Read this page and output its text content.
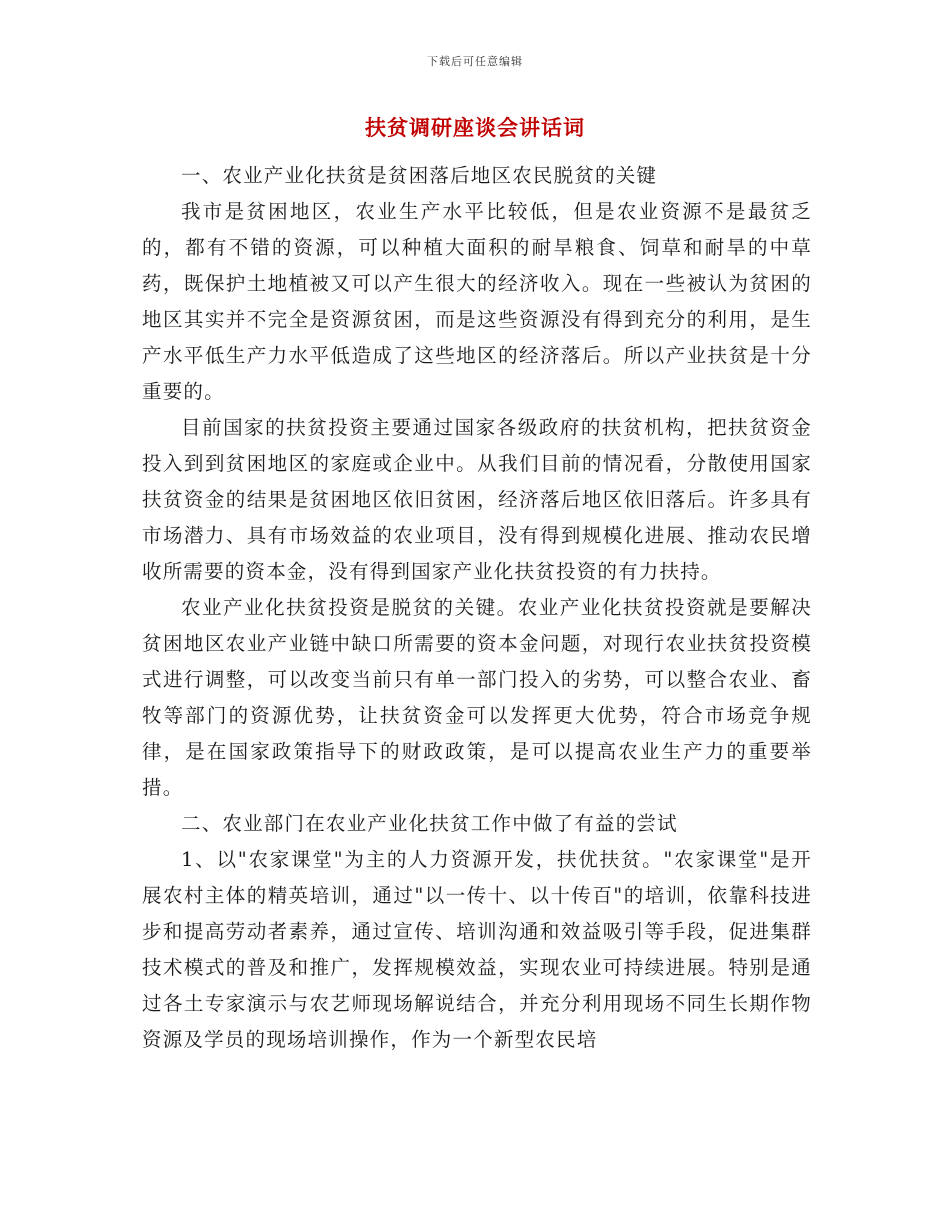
下载后可任意编辑
扶贫调研座谈会讲话词

一、农业产业化扶贫是贫困落后地区农民脱贫的关键

我市是贫困地区，农业生产水平比较低，但是农业资源不是最贫乏的，都有不错的资源，可以种植大面积的耐旱粮食、饲草和耐旱的中草药，既保护土地植被又可以产生很大的经济收入。现在一些被认为贫困的地区其实并不完全是资源贫困，而是这些资源没有得到充分的利用，是生产水平低生产力水平低造成了这些地区的经济落后。所以产业扶贫是十分重要的。

目前国家的扶贫投资主要通过国家各级政府的扶贫机构，把扶贫资金投入到到贫困地区的家庭或企业中。从我们目前的情况看，分散使用国家扶贫资金的结果是贫困地区依旧贫困，经济落后地区依旧落后。许多具有市场潜力、具有市场效益的农业项目，没有得到规模化进展、推动农民增收所需要的资本金，没有得到国家产业化扶贫投资的有力扶持。

农业产业化扶贫投资是脱贫的关键。农业产业化扶贫投资就是要解决贫困地区农业产业链中缺口所需要的资本金问题，对现行农业扶贫投资模式进行调整，可以改变当前只有单一部门投入的劣势，可以整合农业、畜牧等部门的资源优势，让扶贫资金可以发挥更大优势，符合市场竞争规律，是在国家政策指导下的财政政策，是可以提高农业生产力的重要举措。

二、农业部门在农业产业化扶贫工作中做了有益的尝试

1、以"农家课堂"为主的人力资源开发，扶优扶贫。"农家课堂"是开展农村主体的精英培训，通过"以一传十、以十传百"的培训，依靠科技进步和提高劳动者素养，通过宣传、培训沟通和效益吸引等手段，促进集群技术模式的普及和推广，发挥规模效益，实现农业可持续进展。特别是通过各土专家演示与农艺师现场解说结合，并充分利用现场不同生长期作物资源及学员的现场培训操作，作为一个新型农民培
